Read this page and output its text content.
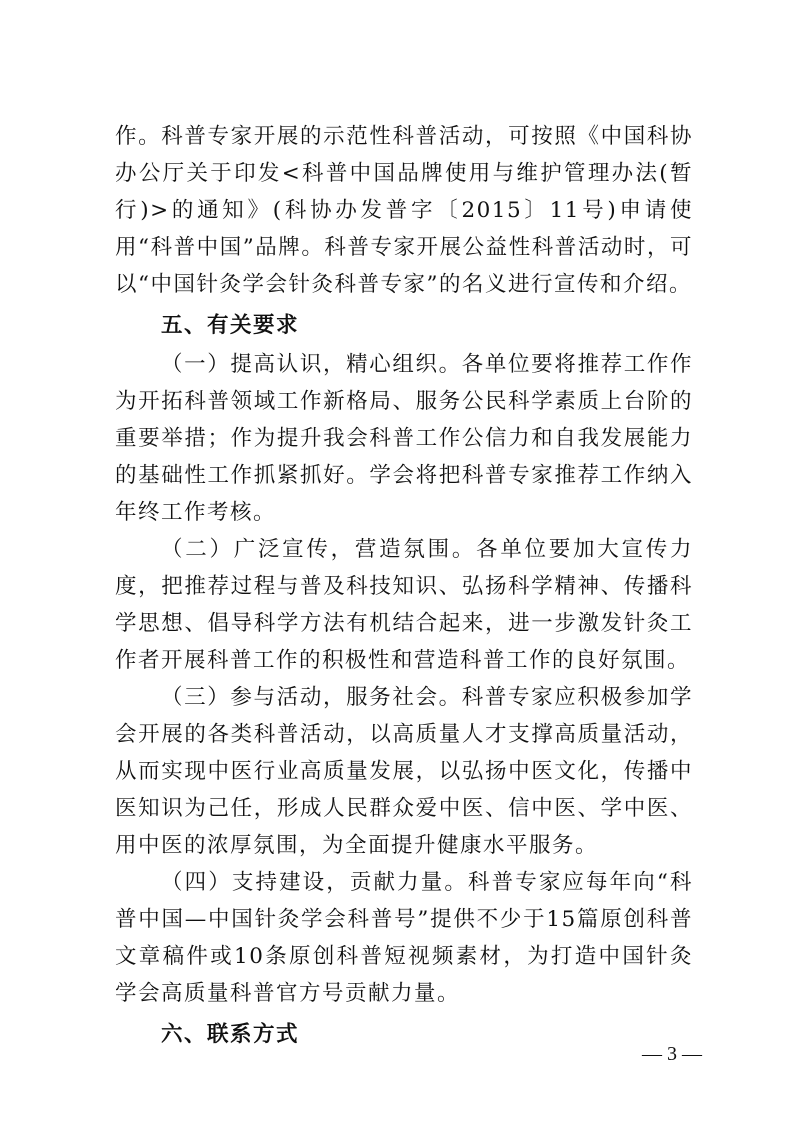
作。科普专家开展的示范性科普活动，可按照《中国科协办公厅关于印发<科普中国品牌使用与维护管理办法(暂行)>的通知》(科协办发普字〔2015〕11号)申请使用“科普中国”品牌。科普专家开展公益性科普活动时，可以“中国针灸学会针灸科普专家”的名义进行宣传和介绍。

五、有关要求

（一）提高认识，精心组织。各单位要将推荐工作作为开拓科普领域工作新格局、服务公民科学素质上台阶的重要举措；作为提升我会科普工作公信力和自我发展能力的基础性工作抓紧抓好。学会将把科普专家推荐工作纳入年终工作考核。

（二）广泛宣传，营造氛围。各单位要加大宣传力度，把推荐过程与普及科技知识、弘扬科学精神、传播科学思想、倡导科学方法有机结合起来，进一步激发针灸工作者开展科普工作的积极性和营造科普工作的良好氛围。

（三）参与活动，服务社会。科普专家应积极参加学会开展的各类科普活动，以高质量人才支撑高质量活动，从而实现中医行业高质量发展，以弘扬中医文化，传播中医知识为己任，形成人民群众爱中医、信中医、学中医、用中医的浓厚氛围，为全面提升健康水平服务。

（四）支持建设，贡献力量。科普专家应每年向“科普中国—中国针灸学会科普号”提供不少于15篇原创科普文章稿件或10条原创科普短视频素材，为打造中国针灸学会高质量科普官方号贡献力量。

六、联系方式

— 3 —
